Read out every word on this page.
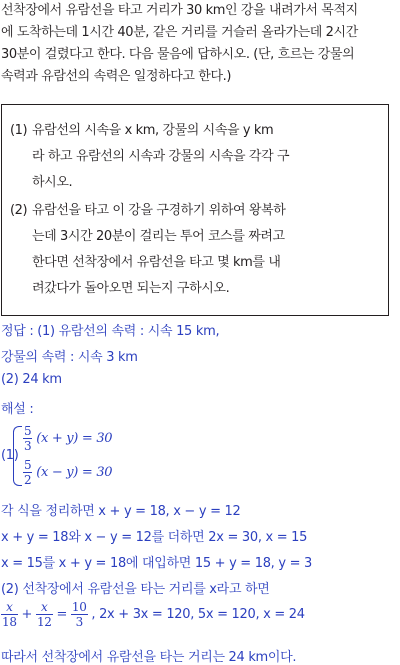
선착장에서 유람선을 타고 거리가 30 km인 강을 내려가서 목적지
에 도착하는데 1시간 40분, 같은 거리를 거슬러 올라가는데 2시간
30분이 걸렸다고 한다. 다음 물음에 답하시오. (단, 흐르는 강물의
속력과 유람선의 속력은 일정하다고 한다.)
(1) 유람선의 시속을 x km, 강물의 시속을 y km
라 하고 유람선의 시속과 강물의 시속을 각각 구
하시오.
(2) 유람선을 타고 이 강을 구경하기 위하여 왕복하
는데 3시간 20분이 걸리는 투어 코스를 짜려고
한다면 선착장에서 유람선을 타고 몇 km를 내
려갔다가 돌아오면 되는지 구하시오.
정답 : (1) 유람선의 속력 : 시속 15 km,
강물의 속력 : 시속 3 km
(2) 24 km
해설 :
(1)
$\frac{5}{3} (x + y) = 30$
$\frac{5}{2} (x - y) = 30$
각 식을 정리하면 x + y = 18, x − y = 12
x + y = 18와 x − y = 12를 더하면 2x = 30, x = 15
x = 15를 x + y = 18에 대입하면 15 + y = 18, y = 3
(2) 선착장에서 유람선을 타는 거리를 x라고 하면
$\frac{x}{18} + \frac{x}{12} = \frac{10}{3}$ , 2x + 3x = 120, 5x = 120, x = 24
따라서 선착장에서 유람선을 타는 거리는 24 km이다.
